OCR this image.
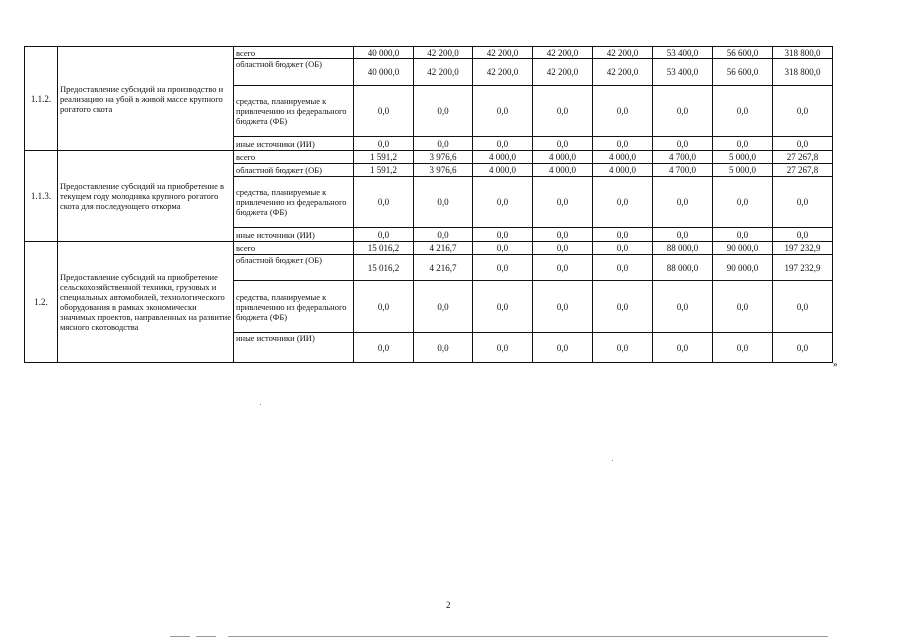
1.1.2.	Предоставление субсидий на производство и реализацию на убой в живой массе крупного рогатого скота	всего	40 000,0	42 200,0	42 200,0	42 200,0	42 200,0	53 400,0	56 600,0	318 800,0
		областной бюджет (ОБ)	40 000,0	42 200,0	42 200,0	42 200,0	42 200,0	53 400,0	56 600,0	318 800,0
		средства, планируемые к привлечению из федерального бюджета (ФБ)	0,0	0,0	0,0	0,0	0,0	0,0	0,0	0,0
		иные источники (ИИ)	0,0	0,0	0,0	0,0	0,0	0,0	0,0	0,0
1.1.3.	Предоставление субсидий на приобретение в текущем году молодняка крупного рогатого скота для последующего откорма	всего	1 591,2	3 976,6	4 000,0	4 000,0	4 000,0	4 700,0	5 000,0	27 267,8
		областной бюджет (ОБ)	1 591,2	3 976,6	4 000,0	4 000,0	4 000,0	4 700,0	5 000,0	27 267,8
		средства, планируемые к привлечению из федерального бюджета (ФБ)	0,0	0,0	0,0	0,0	0,0	0,0	0,0	0,0
		иные источники (ИИ)	0,0	0,0	0,0	0,0	0,0	0,0	0,0	0,0
1.2.	Предоставление субсидий на приобретение сельскохозяйственной техники, грузовых и специальных автомобилей, технологического оборудования в рамках экономически значимых проектов, направленных на развитие мясного скотоводства	всего	15 016,2	4 216,7	0,0	0,0	0,0	88 000,0	90 000,0	197 232,9
		областной бюджет (ОБ)	15 016,2	4 216,7	0,0	0,0	0,0	88 000,0	90 000,0	197 232,9
		средства, планируемые к привлечению из федерального бюджета (ФБ)	0,0	0,0	0,0	0,0	0,0	0,0	0,0	0,0
		иные источники (ИИ)	0,0	0,0	0,0	0,0	0,0	0,0	0,0	0,0
»
2
